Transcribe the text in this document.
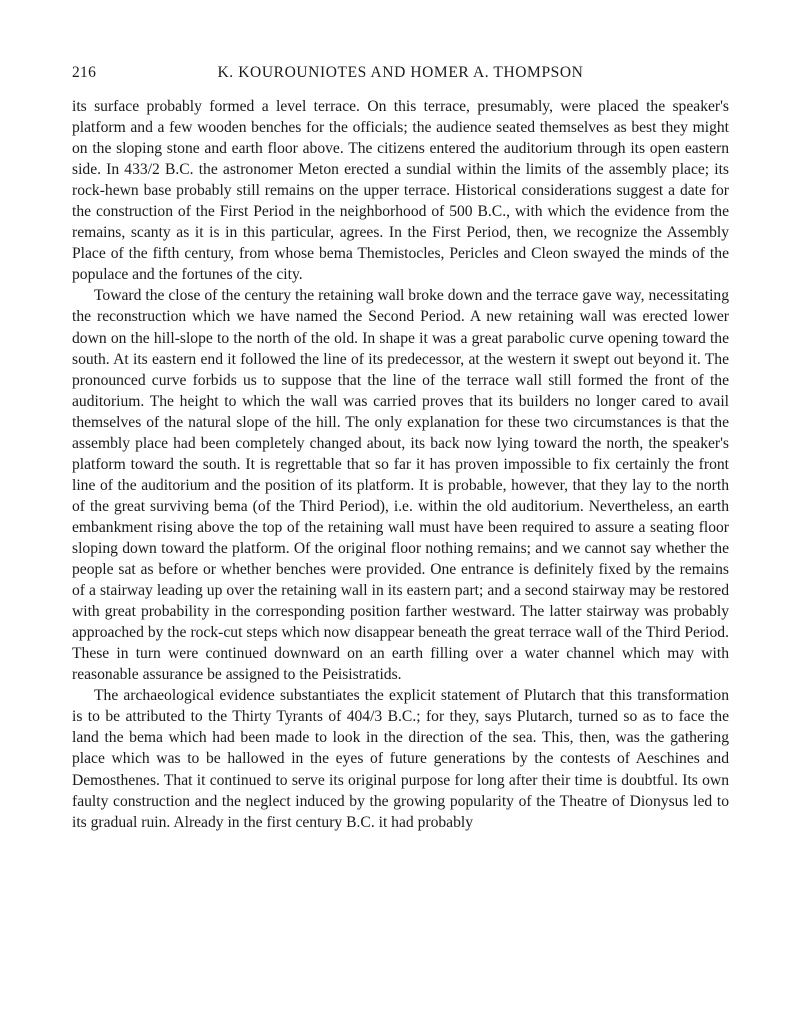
216	K. KOUROUNIOTES AND HOMER A. THOMPSON

its surface probably formed a level terrace. On this terrace, presumably, were placed the speaker's platform and a few wooden benches for the officials; the audience seated themselves as best they might on the sloping stone and earth floor above. The citizens entered the auditorium through its open eastern side. In 433/2 B.C. the astronomer Meton erected a sundial within the limits of the assembly place; its rock-hewn base probably still remains on the upper terrace. Historical considerations suggest a date for the construction of the First Period in the neighborhood of 500 B.C., with which the evidence from the remains, scanty as it is in this particular, agrees. In the First Period, then, we recognize the Assembly Place of the fifth century, from whose bema Themistocles, Pericles and Cleon swayed the minds of the populace and the fortunes of the city.

Toward the close of the century the retaining wall broke down and the terrace gave way, necessitating the reconstruction which we have named the Second Period. A new retaining wall was erected lower down on the hill-slope to the north of the old. In shape it was a great parabolic curve opening toward the south. At its eastern end it followed the line of its predecessor, at the western it swept out beyond it. The pronounced curve forbids us to suppose that the line of the terrace wall still formed the front of the auditorium. The height to which the wall was carried proves that its builders no longer cared to avail themselves of the natural slope of the hill. The only explanation for these two circumstances is that the assembly place had been completely changed about, its back now lying toward the north, the speaker's platform toward the south. It is regrettable that so far it has proven impossible to fix certainly the front line of the auditorium and the position of its platform. It is probable, however, that they lay to the north of the great surviving bema (of the Third Period), i.e. within the old auditorium. Nevertheless, an earth embankment rising above the top of the retaining wall must have been required to assure a seating floor sloping down toward the platform. Of the original floor nothing remains; and we cannot say whether the people sat as before or whether benches were provided. One entrance is definitely fixed by the remains of a stairway leading up over the retaining wall in its eastern part; and a second stairway may be restored with great probability in the corresponding position farther westward. The latter stairway was probably approached by the rock-cut steps which now disappear beneath the great terrace wall of the Third Period. These in turn were continued downward on an earth filling over a water channel which may with reasonable assurance be assigned to the Peisistratids.

The archaeological evidence substantiates the explicit statement of Plutarch that this transformation is to be attributed to the Thirty Tyrants of 404/3 B.C.; for they, says Plutarch, turned so as to face the land the bema which had been made to look in the direction of the sea. This, then, was the gathering place which was to be hallowed in the eyes of future generations by the contests of Aeschines and Demosthenes. That it continued to serve its original purpose for long after their time is doubtful. Its own faulty construction and the neglect induced by the growing popularity of the Theatre of Dionysus led to its gradual ruin. Already in the first century B.C. it had probably
